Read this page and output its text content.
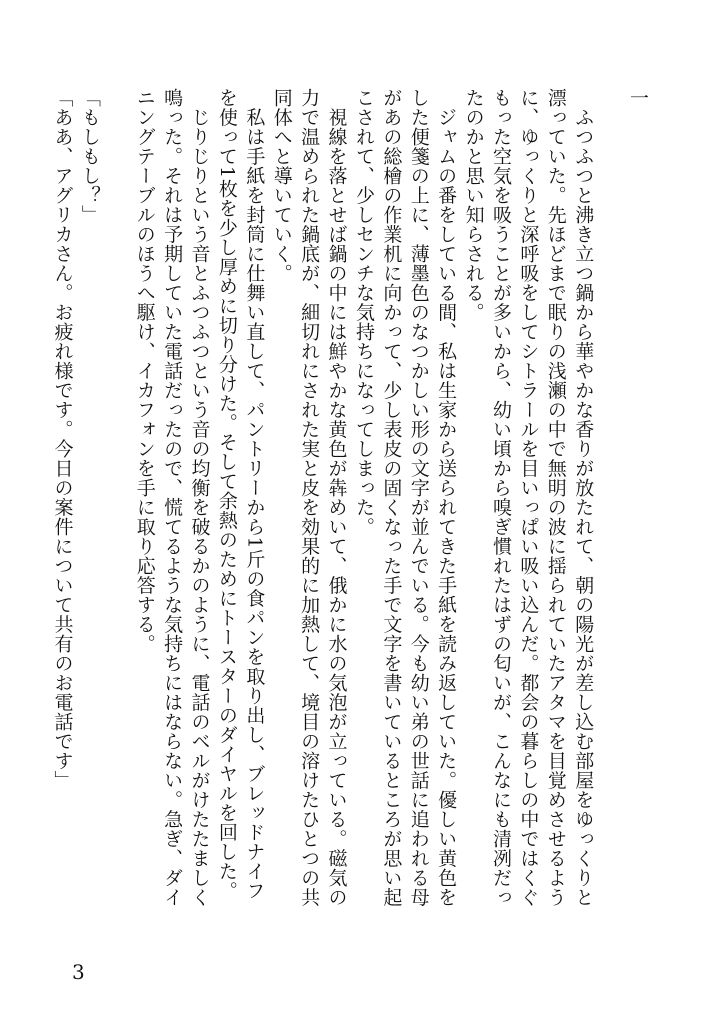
一

　ふつふつと沸き立つ鍋から華やかな香りが放たれて、朝の陽光が差し込む部屋をゆっくりと

漂っていた。先ほどまで眠りの浅瀬の中で無明の波に揺られていたアタマを目覚めさせるよう

に、ゆっくりと深呼吸をしてシトラールを目いっぱい吸い込んだ。都会の暮らしの中ではくぐ

もった空気を吸うことが多いから、幼い頃から嗅ぎ慣れたはずの匂いが、こんなにも清冽だっ

たのかと思い知らされる。

　ジャムの番をしている間、私は生家から送られてきた手紙を読み返していた。優しい黄色を

した便箋の上に、薄墨色のなつかしい形の文字が並んでいる。今も幼い弟の世話に追われる母

があの総檜の作業机に向かって、少し表皮の固くなった手で文字を書いているところが思い起

こされて、少しセンチな気持ちになってしまった。

　視線を落とせば鍋の中には鮮やかな黄色が犇めいて、俄かに水の気泡が立っている。磁気の

力で温められた鍋底が、細切れにされた実と皮を効果的に加熱して、境目の溶けたひとつの共

同体へと導いていく。

　私は手紙を封筒に仕舞い直して、パントリーから1斤の食パンを取り出し、ブレッドナイフ

を使って1枚を少し厚めに切り分けた。そして余熱のためにトースターのダイヤルを回した。

　じりじりという音とふつふつという音の均衡を破るかのように、電話のベルがけたたましく

鳴った。それは予期していた電話だったので、慌てるような気持ちにはならない。急ぎ、ダイ

ニングテーブルのほうへ駆け、イカフォンを手に取り応答する。

「もしもし？」

「ああ、アグリカさん。お疲れ様です。今日の案件について共有のお電話です」

3
